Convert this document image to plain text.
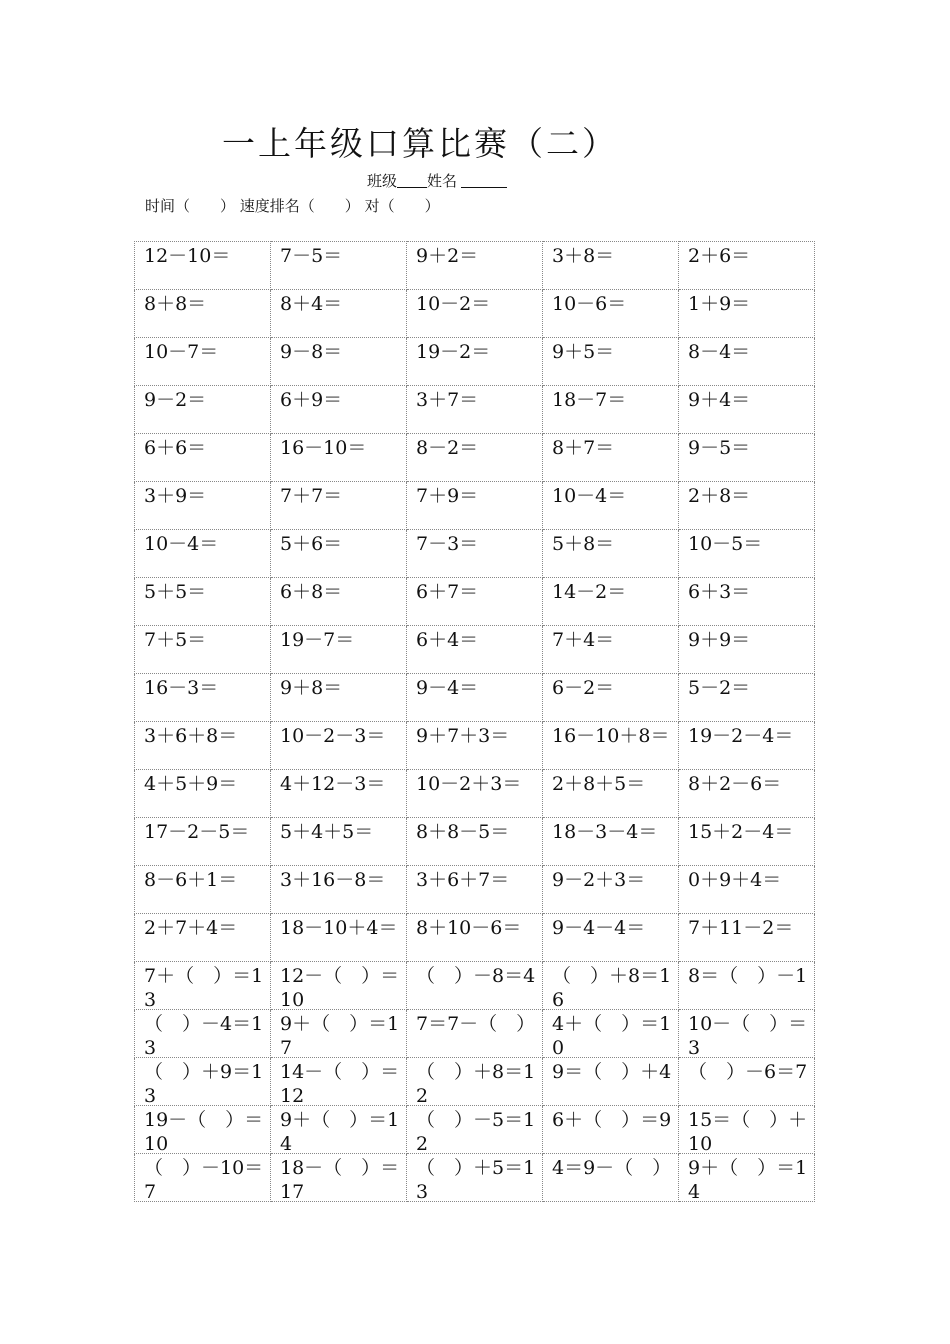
一上年级口算比赛（二）
班级 姓名
时间（　　） 速度排名（　　） 对（　　）
12－10＝	7－5＝	9＋2＝	3＋8＝	2＋6＝

8＋8＝	8＋4＝	10－2＝	10－6＝	1＋9＝

10－7＝	9－8＝	19－2＝	9＋5＝	8－4＝

9－2＝	6＋9＝	3＋7＝	18－7＝	9＋4＝

6＋6＝	16－10＝	8－2＝	8＋7＝	9－5＝

3＋9＝	7＋7＝	7＋9＝	10－4＝	2＋8＝

10－4＝	5＋6＝	7－3＝	5＋8＝	10－5＝

5＋5＝	6＋8＝	6＋7＝	14－2＝	6＋3＝

7＋5＝	19－7＝	6＋4＝	7＋4＝	9＋9＝

16－3＝	9＋8＝	9－4＝	6－2＝	5－2＝

3＋6＋8＝	10－2－3＝	9＋7＋3＝	16－10＋8＝	19－2－4＝

4＋5＋9＝	4＋12－3＝	10－2＋3＝	2＋8＋5＝	8＋2－6＝

17－2－5＝	5＋4＋5＝	8＋8－5＝	18－3－4＝	15＋2－4＝

8－6＋1＝	3＋16－8＝	3＋6＋7＝	9－2＋3＝	0＋9＋4＝

2＋7＋4＝	18－10＋4＝	8＋10－6＝	9－4－4＝	7＋11－2＝

7＋（　）＝13	12－（　）＝10	（　）－8＝4	（　）＋8＝16	8＝（　）－1

（　）－4＝13	9＋（　）＝17	7＝7－（　）	4＋（　）＝10	10－（　）＝3

（　）＋9＝13	14－（　）＝12	（　）＋8＝12	9＝（　）＋4	（　）－6＝7

19－（　）＝10	9＋（　）＝14	（　）－5＝12	6＋（　）＝9	15＝（　）＋10

（　）－10＝7	18－（　）＝17	（　）＋5＝13	4＝9－（　）	9＋（　）＝14
